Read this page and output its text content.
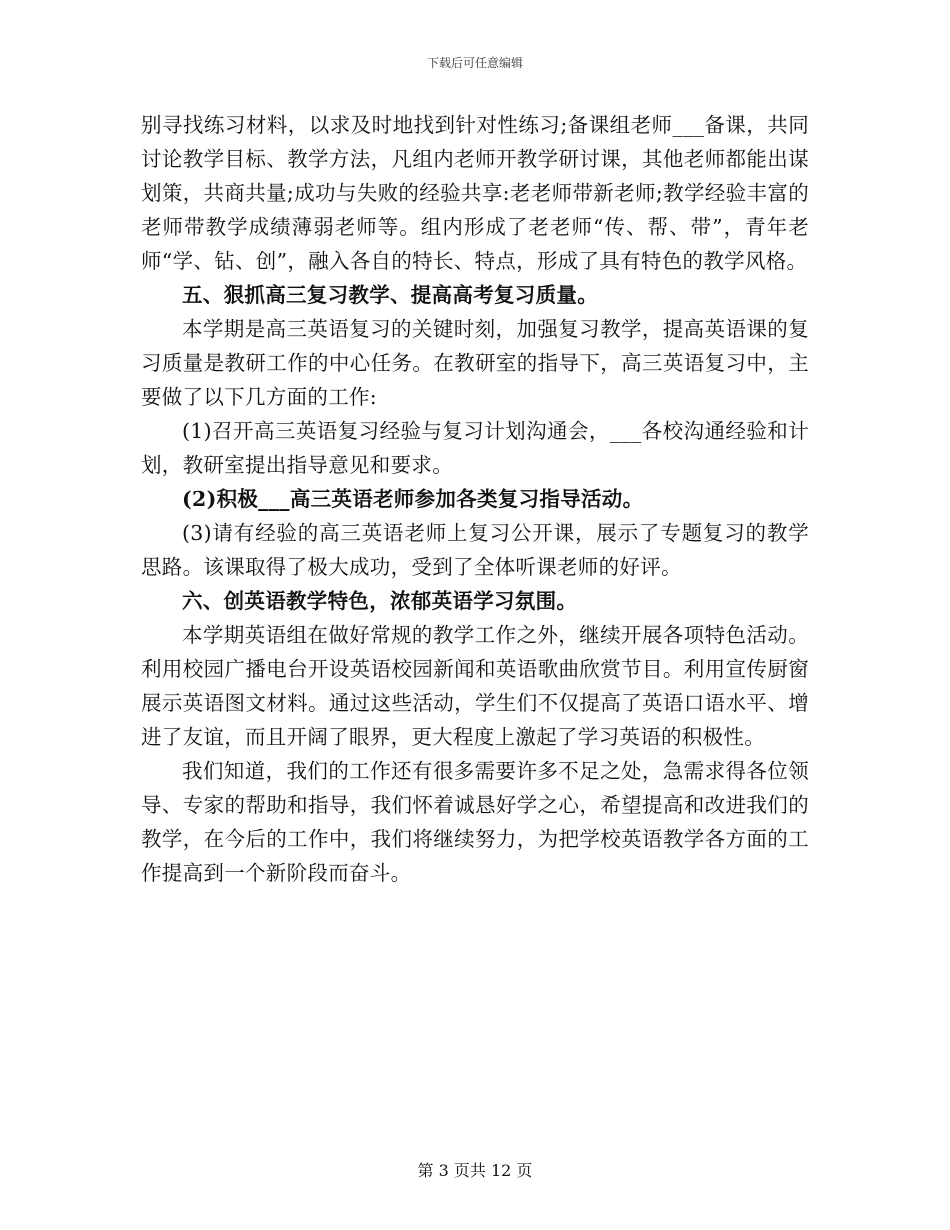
下载后可任意编辑

别寻找练习材料，以求及时地找到针对性练习;备课组老师___备课，共同讨论教学目标、教学方法，凡组内老师开教学研讨课，其他老师都能出谋划策，共商共量;成功与失败的经验共享:老老师带新老师;教学经验丰富的老师带教学成绩薄弱老师等。组内形成了老老师“传、帮、带”，青年老师“学、钻、创”，融入各自的特长、特点，形成了具有特色的教学风格。

五、狠抓高三复习教学、提高高考复习质量。

本学期是高三英语复习的关键时刻，加强复习教学，提高英语课的复习质量是教研工作的中心任务。在教研室的指导下，高三英语复习中，主要做了以下几方面的工作:

(1)召开高三英语复习经验与复习计划沟通会，___各校沟通经验和计划，教研室提出指导意见和要求。

(2)积极___高三英语老师参加各类复习指导活动。

(3)请有经验的高三英语老师上复习公开课，展示了专题复习的教学思路。该课取得了极大成功，受到了全体听课老师的好评。

六、创英语教学特色，浓郁英语学习氛围。

本学期英语组在做好常规的教学工作之外，继续开展各项特色活动。利用校园广播电台开设英语校园新闻和英语歌曲欣赏节目。利用宣传厨窗展示英语图文材料。通过这些活动，学生们不仅提高了英语口语水平、增进了友谊，而且开阔了眼界，更大程度上激起了学习英语的积极性。

我们知道，我们的工作还有很多需要许多不足之处，急需求得各位领导、专家的帮助和指导，我们怀着诚恳好学之心，希望提高和改进我们的教学，在今后的工作中，我们将继续努力，为把学校英语教学各方面的工作提高到一个新阶段而奋斗。

第 3 页共 12 页
